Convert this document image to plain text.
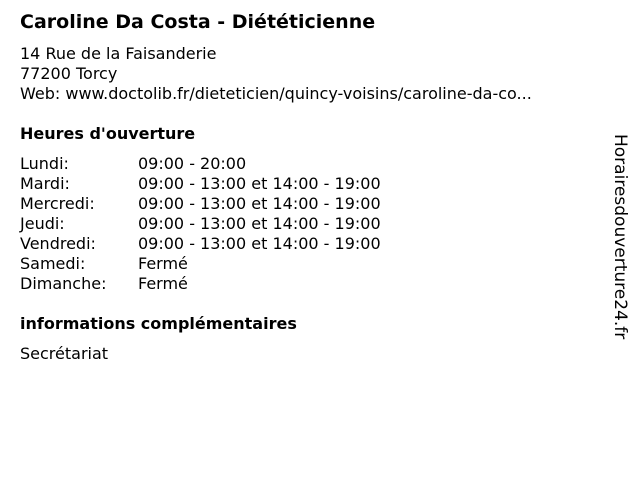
Caroline Da Costa - Diététicienne
14 Rue de la Faisanderie
77200 Torcy
Web: www.doctolib.fr/dieteticien/quincy-voisins/caroline-da-co...
Heures d'ouverture
Lundi:	09:00 - 20:00
Mardi:	09:00 - 13:00 et 14:00 - 19:00
Mercredi:	09:00 - 13:00 et 14:00 - 19:00
Jeudi:	09:00 - 13:00 et 14:00 - 19:00
Vendredi:	09:00 - 13:00 et 14:00 - 19:00
Samedi:	Fermé
Dimanche:	Fermé
informations complémentaires
Secrétariat
Horairesdouverture24.fr
